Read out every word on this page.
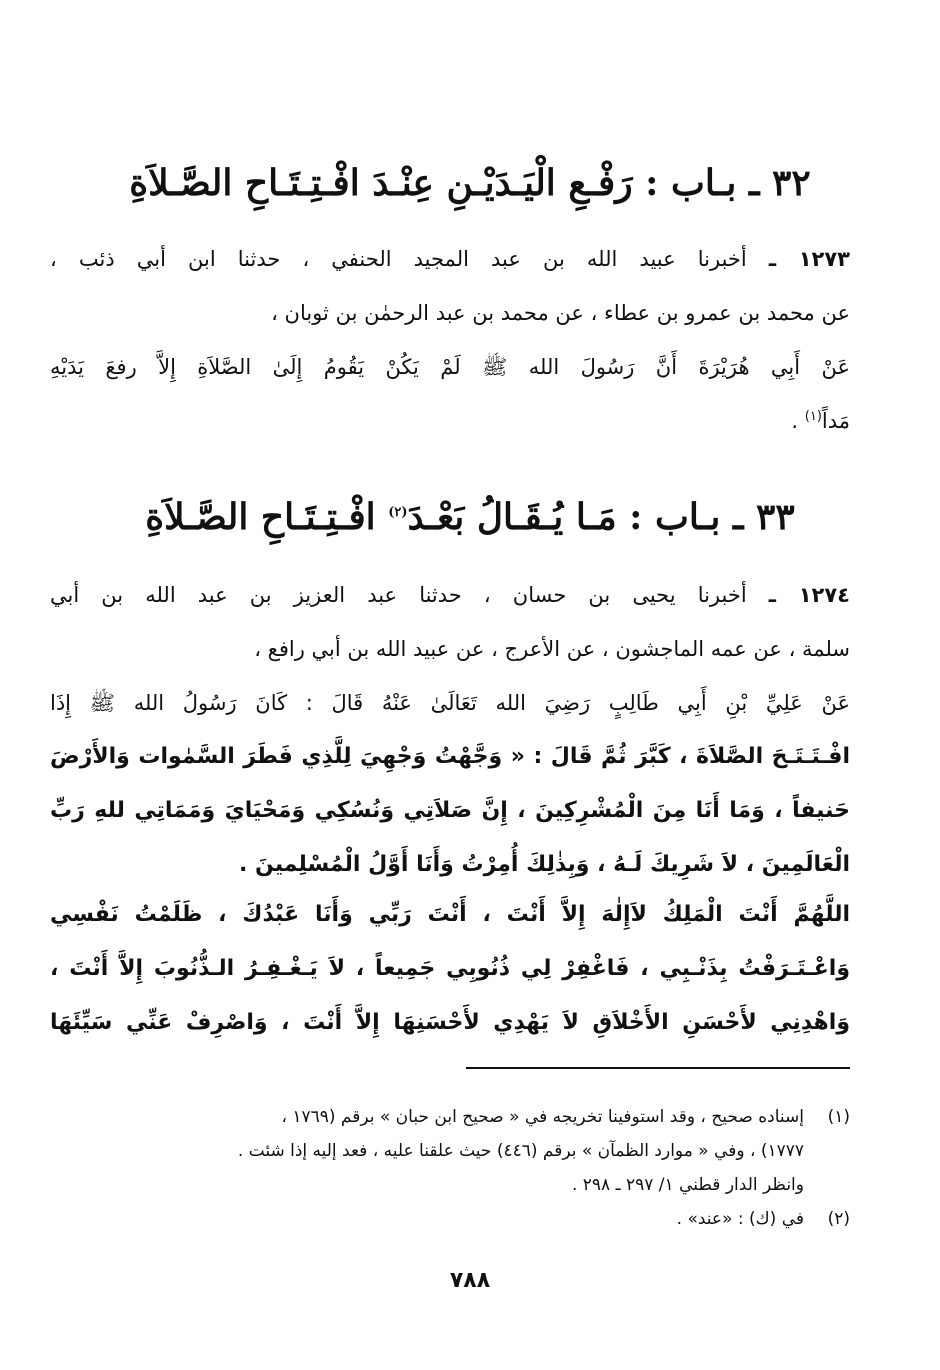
٣٢ ـ بـاب : رَفْـعِ الْيَـدَيْـنِ عِنْـدَ افْـتِـتَـاحِ الصَّـلاَةِ
١٢٧٣ ـ أخبرنا عبيد الله بن عبد المجيد الحنفي ، حدثنا ابن أبي ذئب ،
عن محمد بن عمرو بن عطاء ، عن محمد بن عبد الرحمٰن بن ثوبان ،
عَنْ أَبِي هُرَيْرَةَ أَنَّ رَسُولَ الله ﷺ لَمْ يَكُنْ يَقُومُ إِلَىٰ الصَّلاَةِ إِلاَّ رفعَ يَدَيْهِ
مَداً$^{(١)}$ .
٣٣ ـ بـاب : مَـا يُـقَـالُ بَعْـدَ$^{(٢)}$ افْـتِـتَـاحِ الصَّـلاَةِ
١٢٧٤ ـ أخبرنا يحيى بن حسان ، حدثنا عبد العزيز بن عبد الله بن أبي
سلمة ، عن عمه الماجشون ، عن الأعرج ، عن عبيد الله بن أبي رافع ،
عَنْ عَلِيِّ بْنِ أَبِي طَالِبٍ رَضِيَ الله تَعَالَىٰ عَنْهُ قَالَ : كَانَ رَسُولُ الله ﷺ إِذَا
افْـتَـتَـحَ الصَّلاَةَ ، كَبَّرَ ثُمَّ قَالَ : « وَجَّهْتُ وَجْهِيَ لِلَّذِي فَطَرَ السَّمٰوات وَالأَرْضَ
حَنيفاً ، وَمَا أَنَا مِنَ الْمُشْرِكِينَ ، إِنَّ صَلاَتِي وَنُسُكِي وَمَحْيَايَ وَمَمَاتِي للهِ رَبِّ
الْعَالَمِينَ ، لاَ شَرِيكَ لَـهُ ، وَبِذٰلِكَ أُمِرْتُ وَأَنَا أَوَّلُ الْمُسْلِمينَ .
اللَّهُمَّ أَنْتَ الْمَلِكُ لاَإِلٰهَ إِلاَّ أَنْتَ ، أَنْتَ رَبِّي وَأَنَا عَبْدُكَ ، ظَلَمْتُ نَفْسِي
وَاعْـتَـرَفْتُ بِذَنْـبِي ، فَاغْفِرْ لِي ذُنُوبِي جَمِيعاً ، لاَ يَـغْـفِـرُ الـذُّنُوبَ إِلاَّ أَنْتَ ،
وَاهْدِنِي لأَحْسَنِ الأَخْلاَقِ لاَ يَهْدِي لأَحْسَنِهَا إِلاَّ أَنْتَ ، وَاصْرِفْ عَنِّي سَيِّئَهَا
(١)إسناده صحيح ، وقد استوفينا تخريجه في « صحيح ابن حبان » برقم (١٧٦٩ ،
١٧٧٧) ، وفي « موارد الظمآن » برقم (٤٤٦) حيث علقنا عليه ، فعد إليه إذا شئت .
وانظر الدار قطني ١/ ٢٩٧ ـ ٢٩٨ .
(٢)في (ك) : «عند» .
٧٨٨
